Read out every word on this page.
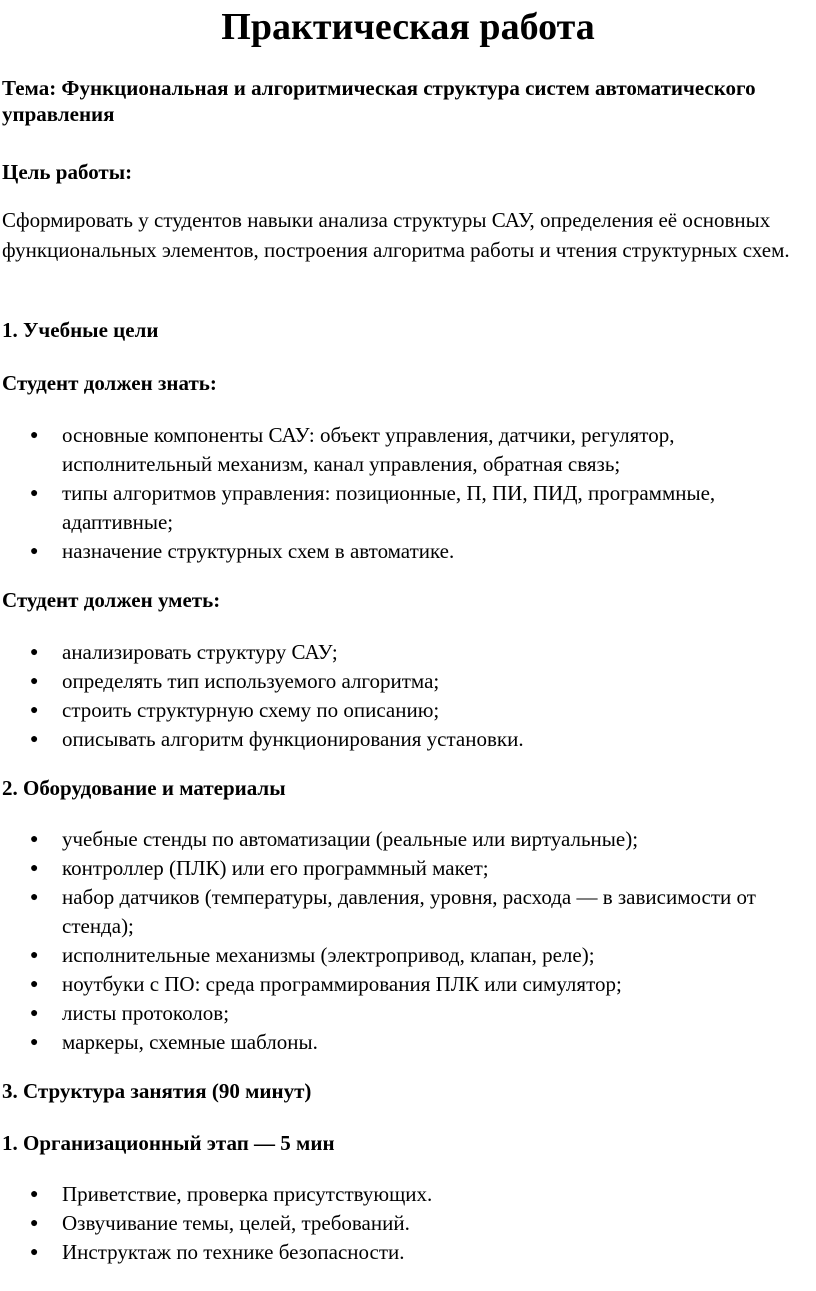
Практическая работа

Тема: Функциональная и алгоритмическая структура систем автоматического управления

Цель работы:

Сформировать у студентов навыки анализа структуры САУ, определения её основных функциональных элементов, построения алгоритма работы и чтения структурных схем.

1. Учебные цели

Студент должен знать:

● основные компоненты САУ: объект управления, датчики, регулятор, исполнительный механизм, канал управления, обратная связь;
● типы алгоритмов управления: позиционные, П, ПИ, ПИД, программные, адаптивные;
● назначение структурных схем в автоматике.

Студент должен уметь:

● анализировать структуру САУ;
● определять тип используемого алгоритма;
● строить структурную схему по описанию;
● описывать алгоритм функционирования установки.

2. Оборудование и материалы

● учебные стенды по автоматизации (реальные или виртуальные);
● контроллер (ПЛК) или его программный макет;
● набор датчиков (температуры, давления, уровня, расхода — в зависимости от стенда);
● исполнительные механизмы (электропривод, клапан, реле);
● ноутбуки с ПО: среда программирования ПЛК или симулятор;
● листы протоколов;
● маркеры, схемные шаблоны.

3. Структура занятия (90 минут)

1. Организационный этап — 5 мин

● Приветствие, проверка присутствующих.
● Озвучивание темы, целей, требований.
● Инструктаж по технике безопасности.
